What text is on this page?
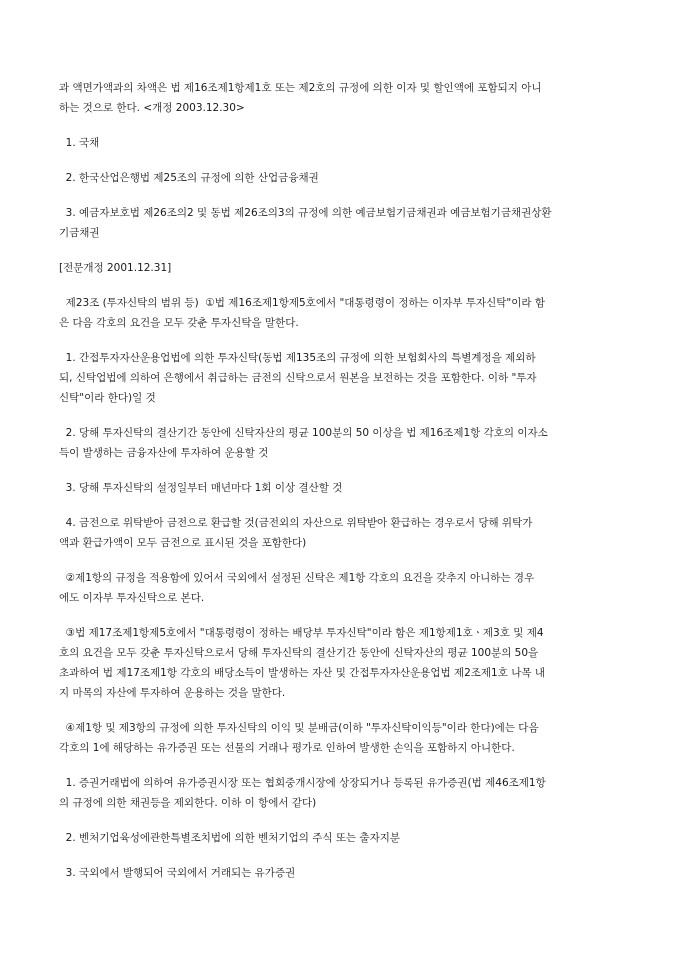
과 액면가액과의 차액은 법 제16조제1항제1호 또는 제2호의 규정에 의한 이자 및 할인액에 포함되지 아니
하는 것으로 한다. <개정 2003.12.30>

1. 국채

2. 한국산업은행법 제25조의 규정에 의한 산업금융채권

3. 예금자보호법 제26조의2 및 동법 제26조의3의 규정에 의한 예금보험기금채권과 예금보험기금채권상환
기금채권

[전문개정 2001.12.31]

제23조 (투자신탁의 범위 등)  ①법 제16조제1항제5호에서 "대통령령이 정하는 이자부 투자신탁"이라 함
은 다음 각호의 요건을 모두 갖춘 투자신탁을 말한다.

1. 간접투자자산운용업법에 의한 투자신탁(동법 제135조의 규정에 의한 보험회사의 특별계정을 제외하
되, 신탁업법에 의하여 은행에서 취급하는 금전의 신탁으로서 원본을 보전하는 것을 포함한다. 이하 "투자
신탁"이라 한다)일 것

2. 당해 투자신탁의 결산기간 동안에 신탁자산의 평균 100분의 50 이상을 법 제16조제1항 각호의 이자소
득이 발생하는 금융자산에 투자하여 운용할 것

3. 당해 투자신탁의 설정일부터 매년마다 1회 이상 결산할 것

4. 금전으로 위탁받아 금전으로 환급할 것(금전외의 자산으로 위탁받아 환급하는 경우로서 당해 위탁가
액과 환급가액이 모두 금전으로 표시된 것을 포함한다)

②제1항의 규정을 적용함에 있어서 국외에서 설정된 신탁은 제1항 각호의 요건을 갖추지 아니하는 경우
에도 이자부 투자신탁으로 본다.

③법 제17조제1항제5호에서 "대통령령이 정하는 배당부 투자신탁"이라 함은 제1항제1호ㆍ제3호 및 제4
호의 요건을 모두 갖춘 투자신탁으로서 당해 투자신탁의 결산기간 동안에 신탁자산의 평균 100분의 50을
초과하여 법 제17조제1항 각호의 배당소득이 발생하는 자산 및 간접투자자산운용업법 제2조제1호 나목 내
지 마목의 자산에 투자하여 운용하는 것을 말한다.

④제1항 및 제3항의 규정에 의한 투자신탁의 이익 및 분배금(이하 "투자신탁이익등"이라 한다)에는 다음
각호의 1에 해당하는 유가증권 또는 선물의 거래나 평가로 인하여 발생한 손익을 포함하지 아니한다.

1. 증권거래법에 의하여 유가증권시장 또는 협회중개시장에 상장되거나 등록된 유가증권(법 제46조제1항
의 규정에 의한 채권등을 제외한다. 이하 이 항에서 같다)

2. 벤처기업육성에관한특별조치법에 의한 벤처기업의 주식 또는 출자지분

3. 국외에서 발행되어 국외에서 거래되는 유가증권
